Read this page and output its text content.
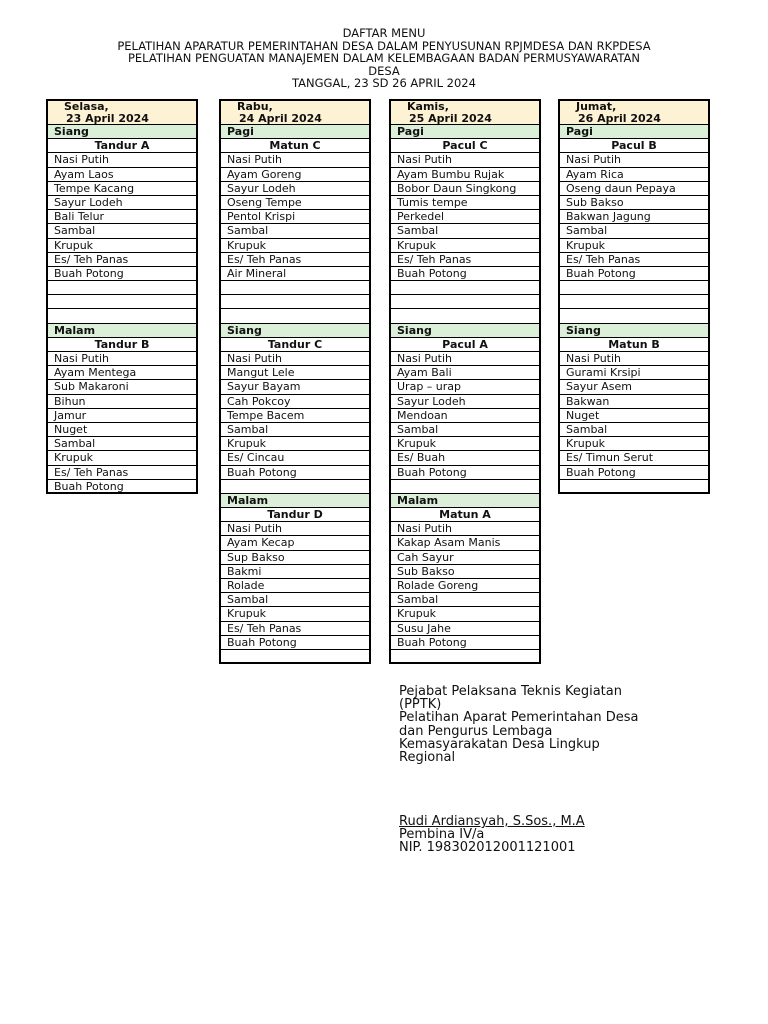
DAFTAR MENU
PELATIHAN APARATUR PEMERINTAHAN DESA DALAM PENYUSUNAN RPJMDESA DAN RKPDESA
PELATIHAN PENGUATAN MANAJEMEN DALAM KELEMBAGAAN BADAN PERMUSYAWARATAN
DESA
TANGGAL, 23 SD 26 APRIL 2024
Selasa,
23 April 2024
Siang
Tandur A
Nasi Putih
Ayam Laos
Tempe Kacang
Sayur Lodeh
Bali Telur
Sambal
Krupuk
Es/ Teh Panas
Buah Potong
Malam
Tandur B
Nasi Putih
Ayam Mentega
Sub Makaroni
Bihun
Jamur
Nuget
Sambal
Krupuk
Es/ Teh Panas
Buah Potong
Rabu,
24 April 2024
Pagi
Matun C
Nasi Putih
Ayam Goreng
Sayur Lodeh
Oseng Tempe
Pentol Krispi
Sambal
Krupuk
Es/ Teh Panas
Air Mineral
Siang
Tandur C
Nasi Putih
Mangut Lele
Sayur Bayam
Cah Pokcoy
Tempe Bacem
Sambal
Krupuk
Es/ Cincau
Buah Potong
Malam
Tandur D
Nasi Putih
Ayam Kecap
Sup Bakso
Bakmi
Rolade
Sambal
Krupuk
Es/ Teh Panas
Buah Potong
Kamis,
25 April 2024
Pagi
Pacul C
Nasi Putih
Ayam Bumbu Rujak
Bobor Daun Singkong
Tumis tempe
Perkedel
Sambal
Krupuk
Es/ Teh Panas
Buah Potong
Siang
Pacul A
Nasi Putih
Ayam Bali
Urap – urap
Sayur Lodeh
Mendoan
Sambal
Krupuk
Es/ Buah
Buah Potong
Malam
Matun A
Nasi Putih
Kakap Asam Manis
Cah Sayur
Sub Bakso
Rolade Goreng
Sambal
Krupuk
Susu Jahe
Buah Potong
Jumat,
26 April 2024
Pagi
Pacul B
Nasi Putih
Ayam Rica
Oseng daun Pepaya
Sub Bakso
Bakwan Jagung
Sambal
Krupuk
Es/ Teh Panas
Buah Potong
Siang
Matun B
Nasi Putih
Gurami Krsipi
Sayur Asem
Bakwan
Nuget
Sambal
Krupuk
Es/ Timun Serut
Buah Potong
Pejabat Pelaksana Teknis Kegiatan
(PPTK)
Pelatihan Aparat Pemerintahan Desa
dan Pengurus Lembaga
Kemasyarakatan Desa Lingkup
Regional
Rudi Ardiansyah, S.Sos., M.A
Pembina IV/a
NIP. 198302012001121001
